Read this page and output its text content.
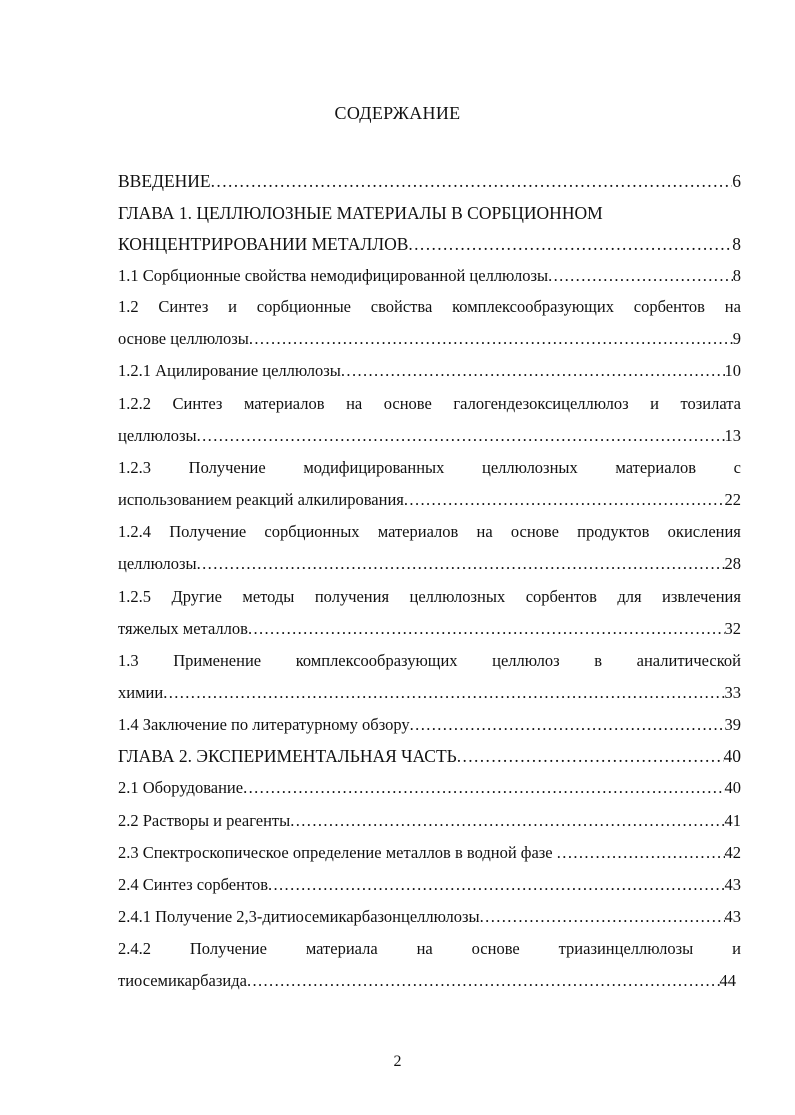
СОДЕРЖАНИЕ
ВВЕДЕНИЕ .....	6
ГЛАВА 1. ЦЕЛЛЮЛОЗНЫЕ МАТЕРИАЛЫ В СОРБЦИОННОМ
КОНЦЕНТРИРОВАНИИ МЕТАЛЛОВ .....	8
1.1 Сорбционные свойства немодифицированной целлюлозы .....	8
1.2 Синтез и сорбционные свойства комплексообразующих сорбентов на
основе целлюлозы .....	9
1.2.1 Ацилирование целлюлозы .....	10
1.2.2 Синтез материалов на основе галогендезоксицеллюлоз и тозилата
целлюлозы .....	13
1.2.3 Получение модифицированных целлюлозных материалов с
использованием реакций алкилирования .....	22
1.2.4 Получение сорбционных материалов на основе продуктов окисления
целлюлозы .....	28
1.2.5 Другие методы получения целлюлозных сорбентов для извлечения
тяжелых металлов .....	32
1.3 Применение комплексообразующих целлюлоз в аналитической
химии .....	33
1.4 Заключение по литературному обзору .....	39
ГЛАВА 2. ЭКСПЕРИМЕНТАЛЬНАЯ ЧАСТЬ .....	40
2.1 Оборудование .....	40
2.2 Растворы и реагенты .....	41
2.3 Спектроскопическое определение металлов в водной фазе .....	42
2.4 Синтез сорбентов .....	43
2.4.1 Получение 2,3-дитиосемикарбазонцеллюлозы .....	43
2.4.2 Получение материала на основе триазинцеллюлозы и
тиосемикарбазида .....	44
2
